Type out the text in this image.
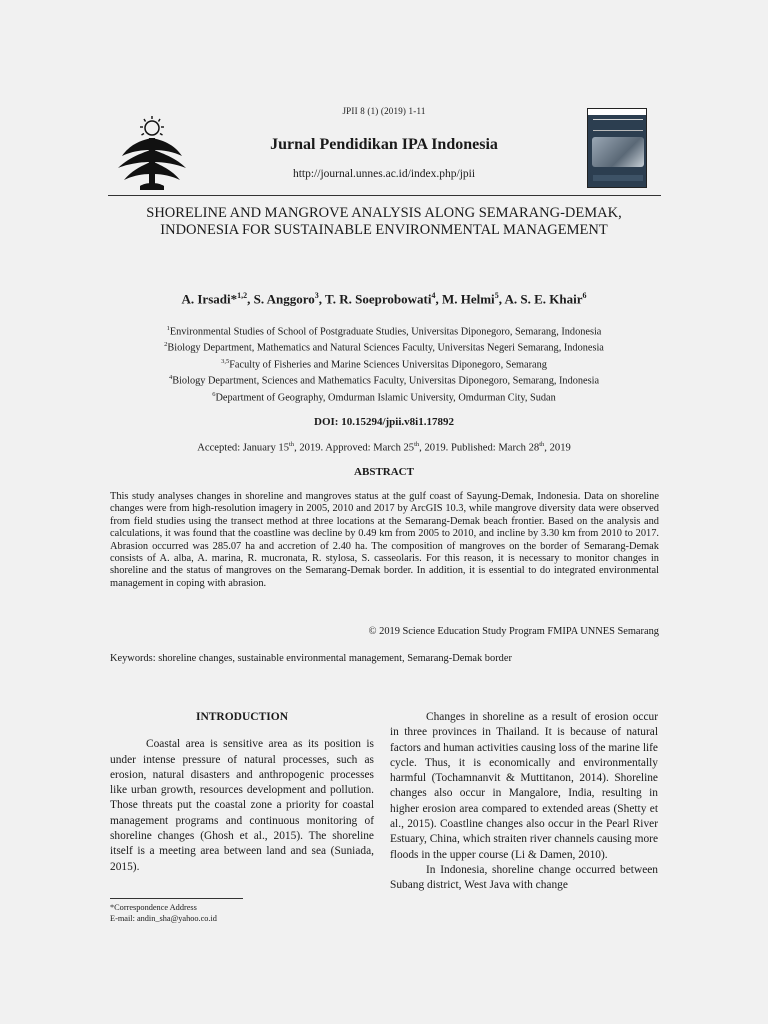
JPII 8 (1) (2019) 1-11
Jurnal Pendidikan IPA Indonesia
http://journal.unnes.ac.id/index.php/jpii
SHORELINE AND MANGROVE ANALYSIS ALONG SEMARANG-DEMAK, INDONESIA FOR SUSTAINABLE ENVIRONMENTAL MANAGEMENT
A. Irsadi*$^{1,2}$, S. Anggoro$^3$, T. R. Soeprobowati$^4$, M. Helmi$^5$, A. S. E. Khair$^6$
$^1$Environmental Studies of School of Postgraduate Studies, Universitas Diponegoro, Semarang, Indonesia
$^2$Biology Department, Mathematics and Natural Sciences Faculty, Universitas Negeri Semarang, Indonesia
$^{3,5}$Faculty of Fisheries and Marine Sciences Universitas Diponegoro, Semarang
$^4$Biology Department, Sciences and Mathematics Faculty, Universitas Diponegoro, Semarang, Indonesia
$^6$Department of Geography, Omdurman Islamic University, Omdurman City, Sudan
DOI: 10.15294/jpii.v8i1.17892
Accepted: January 15th, 2019. Approved: March 25th, 2019. Published: March 28th, 2019
ABSTRACT
This study analyses changes in shoreline and mangroves status at the gulf coast of Sayung-Demak, Indonesia. Data on shoreline changes were from high-resolution imagery in 2005, 2010 and 2017 by ArcGIS 10.3, while mangrove diversity data were observed from field studies using the transect method at three locations at the Semarang-Demak beach frontier. Based on the analysis and calculations, it was found that the coastline was decline by 0.49 km from 2005 to 2010, and incline by 3.30 km from 2010 to 2017. Abrasion occurred was 285.07 ha and accretion of 2.40 ha. The composition of mangroves on the border of Semarang-Demak consists of A. alba, A. marina, R. mucronata, R. stylosa, S. casseolaris. For this reason, it is necessary to monitor changes in shoreline and the status of mangroves on the Semarang-Demak border. In addition, it is essential to do integrated environmental management in coping with abrasion.
© 2019 Science Education Study Program FMIPA UNNES Semarang
Keywords: shoreline changes, sustainable environmental management, Semarang-Demak border
INTRODUCTION

Coastal area is sensitive area as its position is under intense pressure of natural processes, such as erosion, natural disasters and anthropogenic processes like urban growth, resources development and pollution. Those threats put the coastal zone a priority for coastal management programs and continuous monitoring of shoreline changes (Ghosh et al., 2015). The shoreline itself is a meeting area between land and sea (Suniada, 2015).

Changes in shoreline as a result of erosion occur in three provinces in Thailand. It is because of natural factors and human activities causing loss of the marine life cycle. Thus, it is economically and environmentally harmful (Tochamnanvit & Muttitanon, 2014). Shoreline changes also occur in Mangalore, India, resulting in higher erosion area compared to extended areas (Shetty et al., 2015). Coastline changes also occur in the Pearl River Estuary, China, which straiten river channels causing more floods in the upper course (Li & Damen, 2010).

In Indonesia, shoreline change occurred between Subang district, West Java with change

*Correspondence Address
E-mail: andin_sha@yahoo.co.id
